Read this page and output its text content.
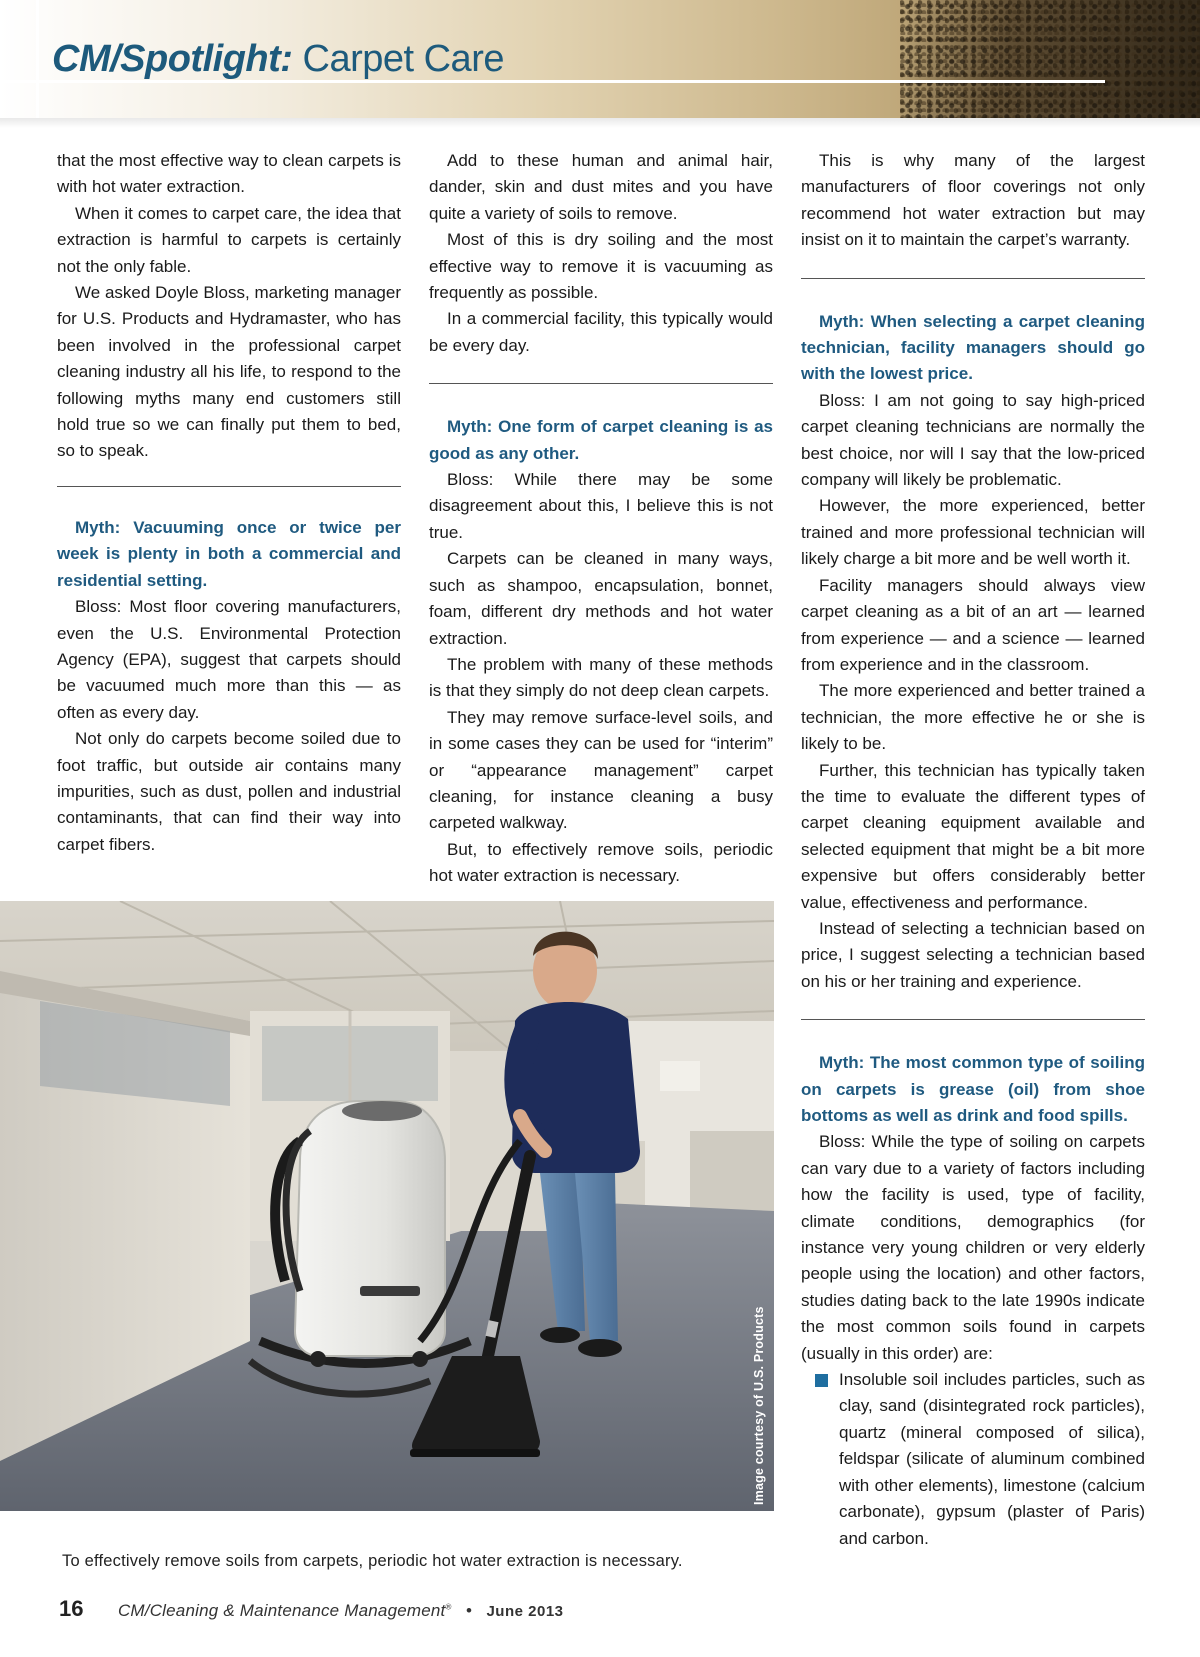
CM/Spotlight: Carpet Care

that the most effective way to clean carpets is with hot water extraction.

When it comes to carpet care, the idea that extraction is harmful to carpets is certainly not the only fable.

We asked Doyle Bloss, marketing manager for U.S. Products and Hydramaster, who has been involved in the professional carpet cleaning industry all his life, to respond to the following myths many end customers still hold true so we can finally put them to bed, so to speak.

Myth: Vacuuming once or twice per week is plenty in both a commercial and residential setting.

Bloss: Most floor covering manufacturers, even the U.S. Environmental Protection Agency (EPA), suggest that carpets should be vacuumed much more than this — as often as every day.

Not only do carpets become soiled due to foot traffic, but outside air contains many impurities, such as dust, pollen and industrial contaminants, that can find their way into carpet fibers.

Add to these human and animal hair, dander, skin and dust mites and you have quite a variety of soils to remove.

Most of this is dry soiling and the most effective way to remove it is vacuuming as frequently as possible.

In a commercial facility, this typically would be every day.

Myth: One form of carpet cleaning is as good as any other.

Bloss: While there may be some disagreement about this, I believe this is not true.

Carpets can be cleaned in many ways, such as shampoo, encapsulation, bonnet, foam, different dry methods and hot water extraction.

The problem with many of these methods is that they simply do not deep clean carpets.

They may remove surface-level soils, and in some cases they can be used for “interim” or “appearance management” carpet cleaning, for instance cleaning a busy carpeted walkway.

But, to effectively remove soils, periodic hot water extraction is necessary.

This is why many of the largest manufacturers of floor coverings not only recommend hot water extraction but may insist on it to maintain the carpet’s warranty.

Myth: When selecting a carpet cleaning technician, facility managers should go with the lowest price.

Bloss: I am not going to say high-priced carpet cleaning technicians are normally the best choice, nor will I say that the low-priced company will likely be problematic.

However, the more experienced, better trained and more professional technician will likely charge a bit more and be well worth it.

Facility managers should always view carpet cleaning as a bit of an art — learned from experience — and a science — learned from experience and in the classroom.

The more experienced and better trained a technician, the more effective he or she is likely to be.

Further, this technician has typically taken the time to evaluate the different types of carpet cleaning equipment available and selected equipment that might be a bit more expensive but offers considerably better value, effectiveness and performance.

Instead of selecting a technician based on price, I suggest selecting a technician based on his or her training and experience.

Myth: The most common type of soiling on carpets is grease (oil) from shoe bottoms as well as drink and food spills.

Bloss: While the type of soiling on carpets can vary due to a variety of factors including how the facility is used, type of facility, climate conditions, demographics (for instance very young children or very elderly people using the location) and other factors, studies dating back to the late 1990s indicate the most common soils found in carpets (usually in this order) are:

Insoluble soil includes particles, such as clay, sand (disintegrated rock particles), quartz (mineral composed of silica), feldspar (silicate of aluminum combined with other elements), limestone (calcium carbonate), gypsum (plaster of Paris) and carbon.
Image courtesy of U.S. Products
To effectively remove soils from carpets, periodic hot water extraction is necessary.
16 CM/Cleaning & Maintenance Management® • June 2013
